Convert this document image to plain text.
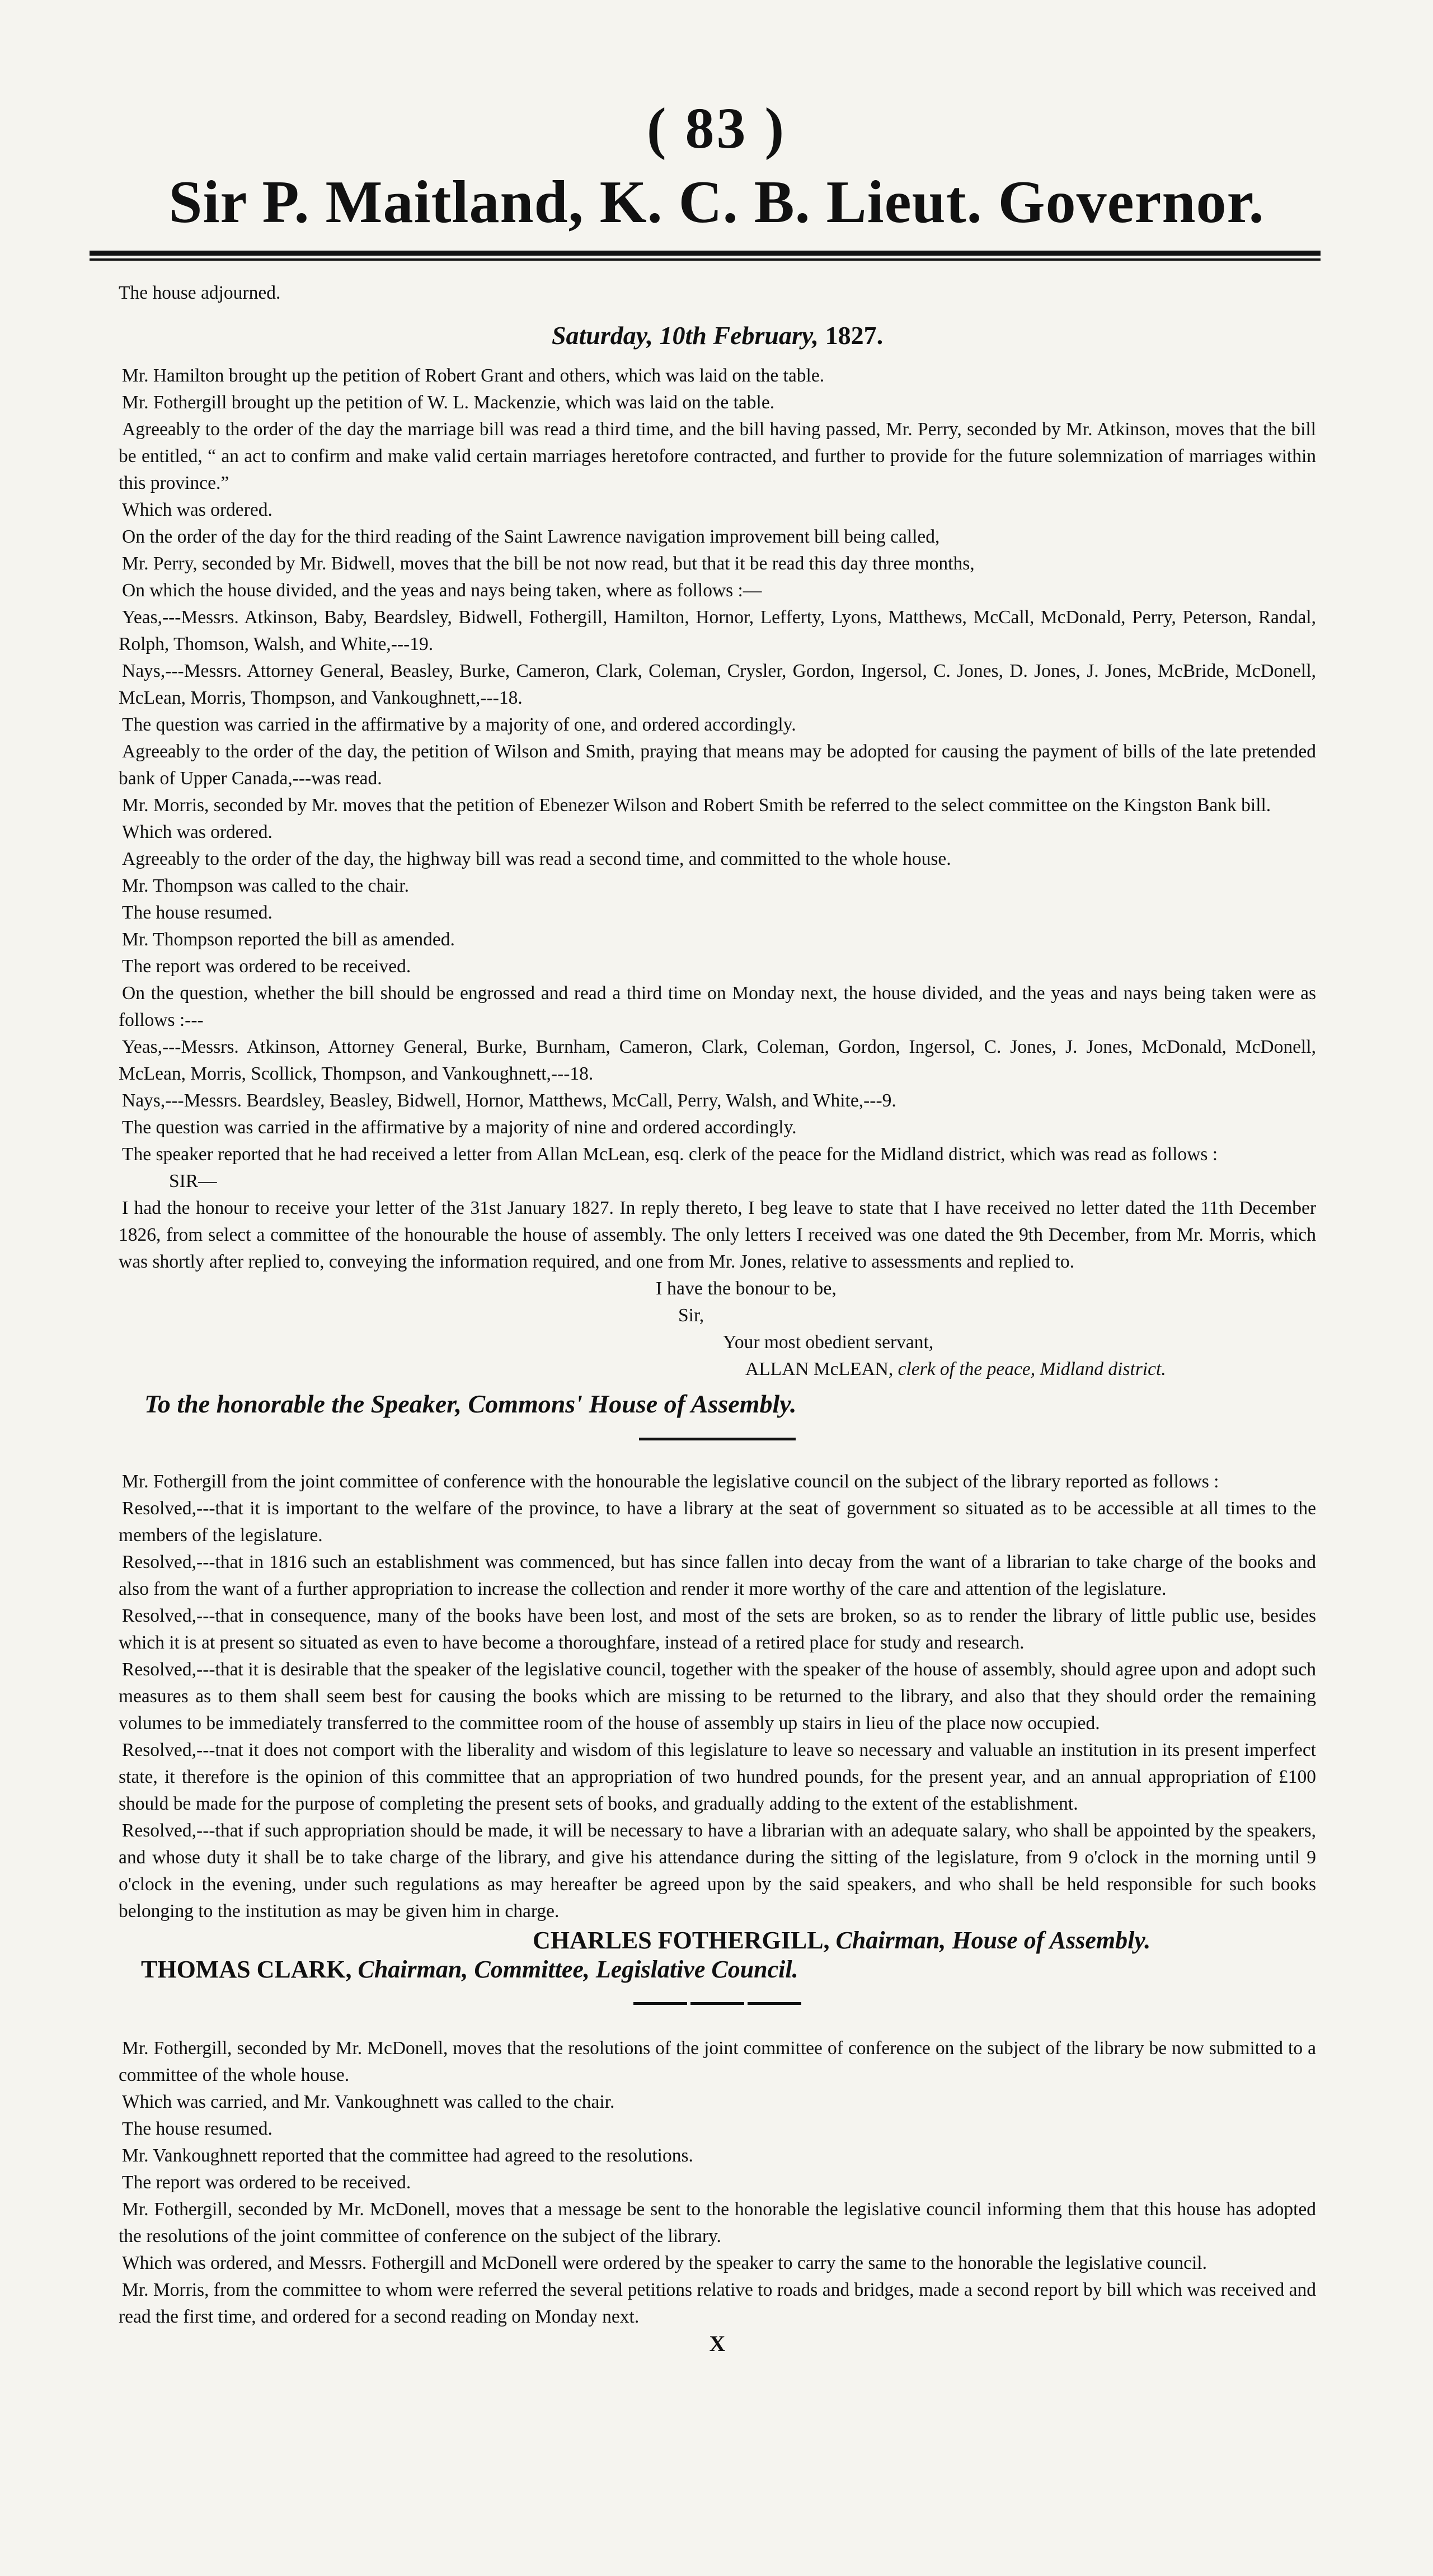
( 83 )
Sir P. Maitland, K. C. B. Lieut. Governor.

The house adjourned.

Saturday, 10th February, 1827.

Mr. Hamilton brought up the petition of Robert Grant and others, which was laid on the table.

Mr. Fothergill brought up the petition of W. L. Mackenzie, which was laid on the table.

Agreeably to the order of the day the marriage bill was read a third time, and the bill having passed, Mr. Perry, seconded by Mr. Atkinson, moves that the bill be entitled, “ an act to confirm and make valid certain marriages heretofore contracted, and further to provide for the future solemnization of marriages within this province.”

Which was ordered.

On the order of the day for the third reading of the Saint Lawrence navigation improvement bill being called,

Mr. Perry, seconded by Mr. Bidwell, moves that the bill be not now read, but that it be read this day three months,

On which the house divided, and the yeas and nays being taken, where as follows :—

Yeas,---Messrs. Atkinson, Baby, Beardsley, Bidwell, Fothergill, Hamilton, Hornor, Lefferty, Lyons, Matthews, McCall, McDonald, Perry, Peterson, Randal, Rolph, Thomson, Walsh, and White,---19.

Nays,---Messrs. Attorney General, Beasley, Burke, Cameron, Clark, Coleman, Crysler, Gordon, Ingersol, C. Jones, D. Jones, J. Jones, McBride, McDonell, McLean, Morris, Thompson, and Vankoughnett,---18.

The question was carried in the affirmative by a majority of one, and ordered accordingly.

Agreeably to the order of the day, the petition of Wilson and Smith, praying that means may be adopted for causing the payment of bills of the late pretended bank of Upper Canada,---was read.

Mr. Morris, seconded by Mr. moves that the petition of Ebenezer Wilson and Robert Smith be referred to the select committee on the Kingston Bank bill.

Which was ordered.

Agreeably to the order of the day, the highway bill was read a second time, and committed to the whole house.

Mr. Thompson was called to the chair.

The house resumed.

Mr. Thompson reported the bill as amended.

The report was ordered to be received.

On the question, whether the bill should be engrossed and read a third time on Monday next, the house divided, and the yeas and nays being taken were as follows :---

Yeas,---Messrs. Atkinson, Attorney General, Burke, Burnham, Cameron, Clark, Coleman, Gordon, Ingersol, C. Jones, J. Jones, McDonald, McDonell, McLean, Morris, Scollick, Thompson, and Vankoughnett,---18.

Nays,---Messrs. Beardsley, Beasley, Bidwell, Hornor, Matthews, McCall, Perry, Walsh, and White,---9.

The question was carried in the affirmative by a majority of nine and ordered accordingly.

The speaker reported that he had received a letter from Allan McLean, esq. clerk of the peace for the Midland district, which was read as follows :

SIR—

I had the honour to receive your letter of the 31st January 1827. In reply thereto, I beg leave to state that I have received no letter dated the 11th December 1826, from select a committee of the honourable the house of assembly. The only letters I received was one dated the 9th December, from Mr. Morris, which was shortly after replied to, conveying the information required, and one from Mr. Jones, relative to assessments and replied to.

I have the bonour to be,

Sir,

Your most obedient servant,

ALLAN McLEAN, clerk of the peace, Midland district.

To the honorable the Speaker, Commons' House of Assembly.

Mr. Fothergill from the joint committee of conference with the honourable the legislative council on the subject of the library reported as follows :

Resolved,---that it is important to the welfare of the province, to have a library at the seat of government so situated as to be accessible at all times to the members of the legislature.

Resolved,---that in 1816 such an establishment was commenced, but has since fallen into decay from the want of a librarian to take charge of the books and also from the want of a further appropriation to increase the collection and render it more worthy of the care and attention of the legislature.

Resolved,---that in consequence, many of the books have been lost, and most of the sets are broken, so as to render the library of little public use, besides which it is at present so situated as even to have become a thoroughfare, instead of a retired place for study and research.

Resolved,---that it is desirable that the speaker of the legislative council, together with the speaker of the house of assembly, should agree upon and adopt such measures as to them shall seem best for causing the books which are missing to be returned to the library, and also that they should order the remaining volumes to be immediately transferred to the committee room of the house of assembly up stairs in lieu of the place now occupied.

Resolved,---tnat it does not comport with the liberality and wisdom of this legislature to leave so necessary and valuable an institution in its present imperfect state, it therefore is the opinion of this committee that an appropriation of two hundred pounds, for the present year, and an annual appropriation of £100 should be made for the purpose of completing the present sets of books, and gradually adding to the extent of the establishment.

Resolved,---that if such appropriation should be made, it will be necessary to have a librarian with an adequate salary, who shall be appointed by the speakers, and whose duty it shall be to take charge of the library, and give his attendance during the sitting of the legislature, from 9 o'clock in the morning until 9 o'clock in the evening, under such regulations as may hereafter be agreed upon by the said speakers, and who shall be held responsible for such books belonging to the institution as may be given him in charge.

CHARLES FOTHERGILL, Chairman, House of Assembly.

THOMAS CLARK, Chairman, Committee, Legislative Council.

Mr. Fothergill, seconded by Mr. McDonell, moves that the resolutions of the joint committee of conference on the subject of the library be now submitted to a committee of the whole house.

Which was carried, and Mr. Vankoughnett was called to the chair.

The house resumed.

Mr. Vankoughnett reported that the committee had agreed to the resolutions.

The report was ordered to be received.

Mr. Fothergill, seconded by Mr. McDonell, moves that a message be sent to the honorable the legislative council informing them that this house has adopted the resolutions of the joint committee of conference on the subject of the library.

Which was ordered, and Messrs. Fothergill and McDonell were ordered by the speaker to carry the same to the honorable the legislative council.

Mr. Morris, from the committee to whom were referred the several petitions relative to roads and bridges, made a second report by bill which was received and read the first time, and ordered for a second reading on Monday next.

X
